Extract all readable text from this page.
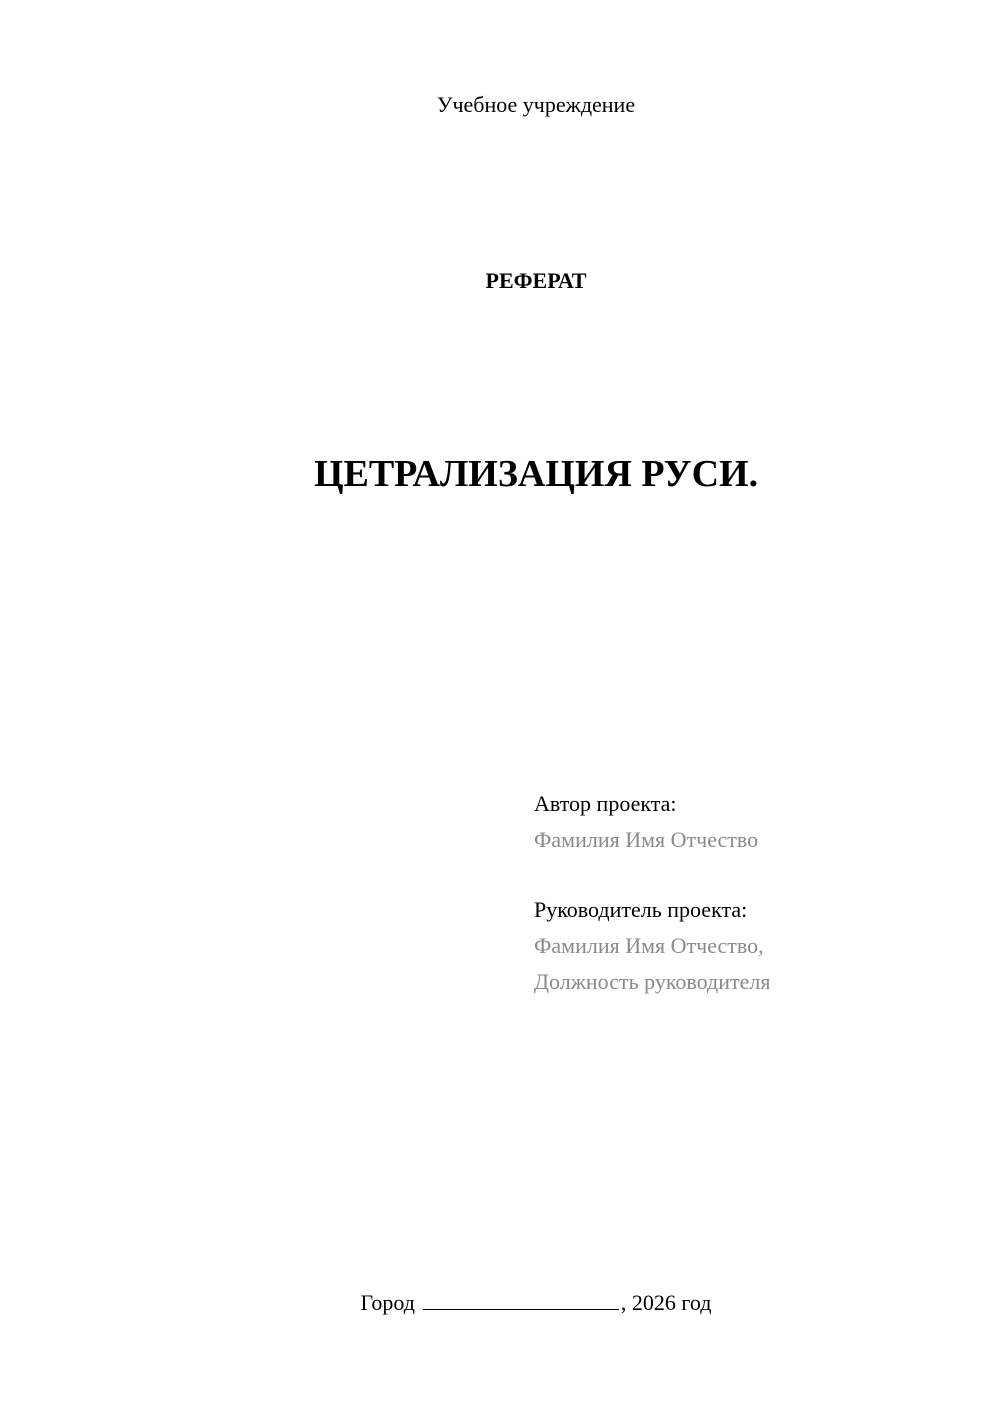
Учебное учреждение
РЕФЕРАТ
ЦЕТРАЛИЗАЦИЯ РУСИ.
Автор проекта:
Фамилия Имя Отчество
Руководитель проекта:
Фамилия Имя Отчество,
Должность руководителя
Город	, 2026 год
